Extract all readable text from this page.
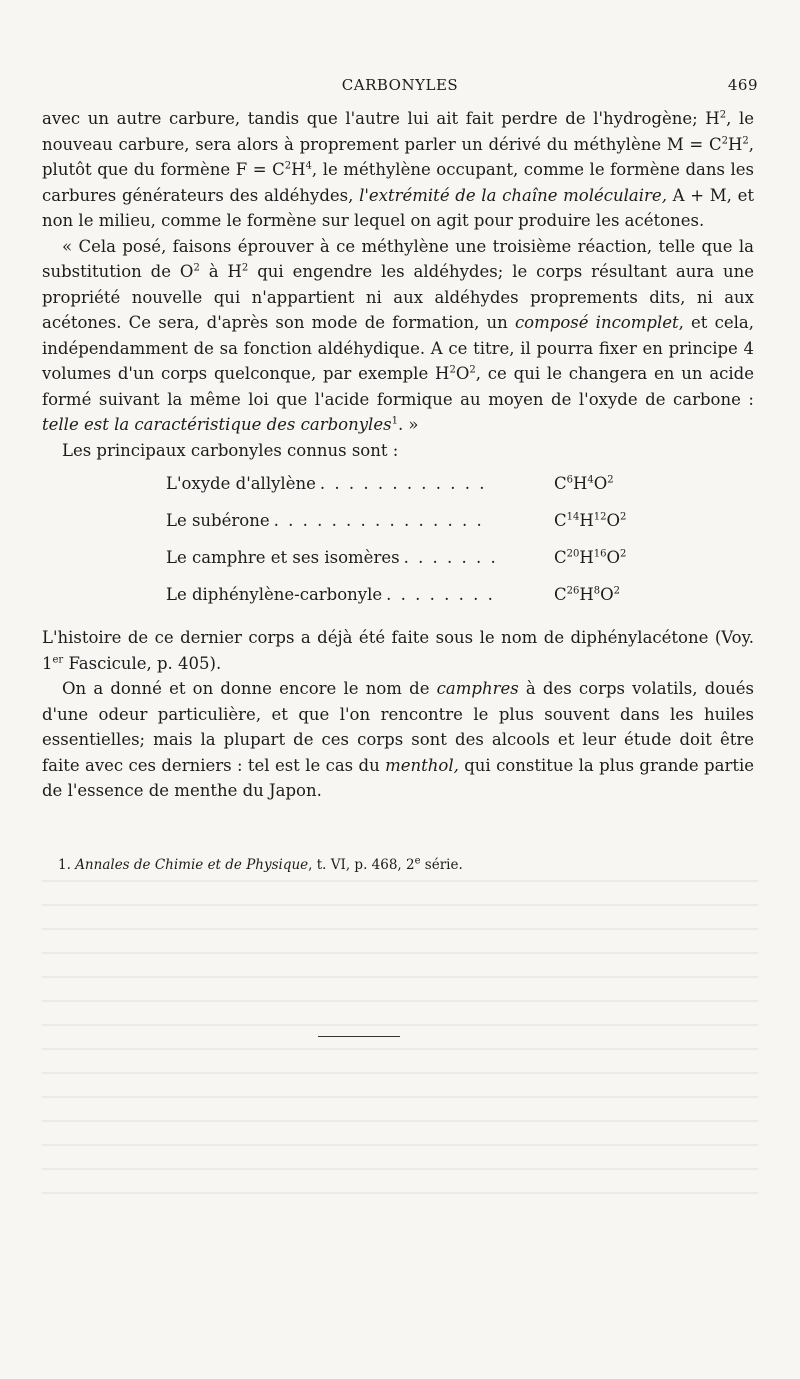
CARBONYLES	469

avec un autre carbure, tandis que l'autre lui ait fait perdre de l'hydrogène; $H^2$, le nouveau carbure, sera alors à proprement parler un dérivé du méthylène $M = C^2H^2$, plutôt que du formène $F = C^2H^4$, le méthylène occupant, comme le formène dans les carbures générateurs des aldéhydes, l'extrémité de la chaîne moléculaire, A + M, et non le milieu, comme le formène sur lequel on agit pour produire les acétones.

« Cela posé, faisons éprouver à ce méthylène une troisième réaction, telle que la substitution de $O^2$ à $H^2$ qui engendre les aldéhydes; le corps résultant aura une propriété nouvelle qui n'appartient ni aux aldéhydes proprements dits, ni aux acétones. Ce sera, d'après son mode de formation, un composé incomplet, et cela, indépendamment de sa fonction aldéhydique. A ce titre, il pourra fixer en principe 4 volumes d'un corps quelconque, par exemple $H^2O^2$, ce qui le changera en un acide formé suivant la même loi que l'acide formique au moyen de l'oxyde de carbone : telle est la caractéristique des carbonyles$^1$. »

Les principaux carbonyles connus sont :

L'oxyde d'allylène . . . . . . . . . . . .	$C^6H^4O^2$
Le subérone . . . . . . . . . . . . . . .	$C^{14}H^{12}O^2$
Le camphre et ses isomères . . . . . . .	$C^{20}H^{16}O^2$
Le diphénylène-carbonyle . . . . . . . .	$C^{26}H^8O^2$

L'histoire de ce dernier corps a déjà été faite sous le nom de diphénylacétone (Voy. 1er Fascicule, p. 405).

On a donné et on donne encore le nom de camphres à des corps volatils, doués d'une odeur particulière, et que l'on rencontre le plus souvent dans les huiles essentielles; mais la plupart de ces corps sont des alcools et leur étude doit être faite avec ces derniers : tel est le cas du menthol, qui constitue la plus grande partie de l'essence de menthe du Japon.

1. Annales de Chimie et de Physique, t. VI, p. 468, 2e série.
